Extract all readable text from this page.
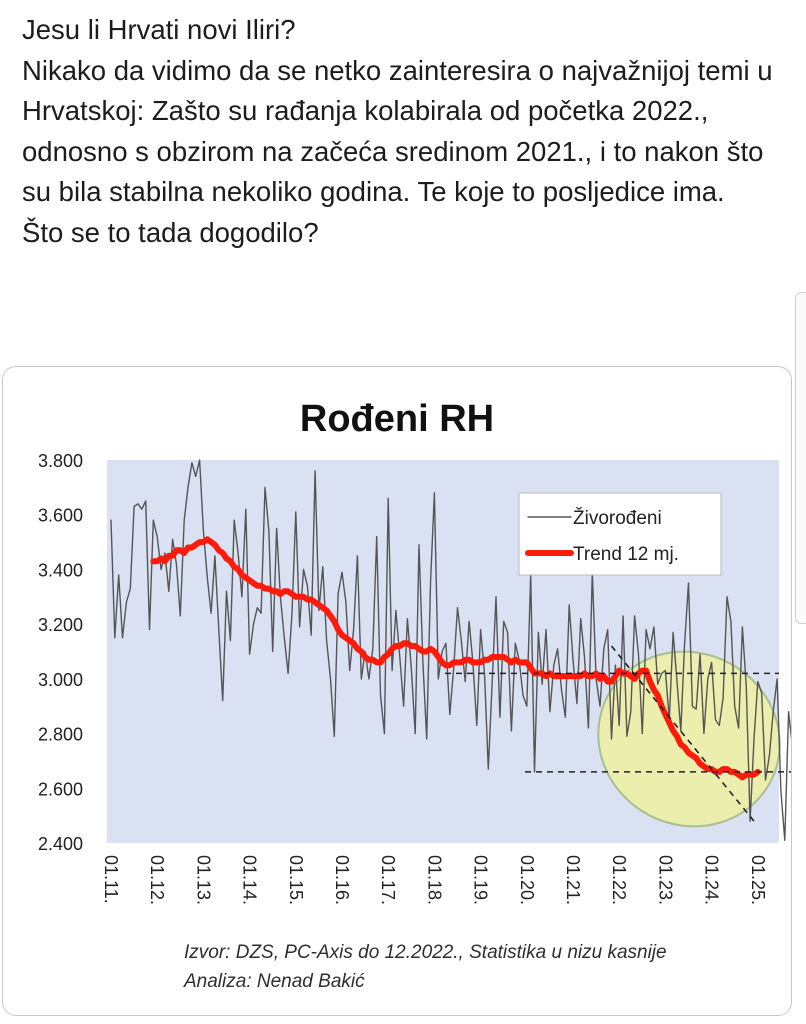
Jesu li Hrvati novi Iliri?

Nikako da vidimo da se netko zainteresira o najvažnijoj temi u Hrvatskoj: Zašto su rađanja kolabirala od početka 2022., odnosno s obzirom na začeća sredinom 2021., i to nakon što su bila stabilna nekoliko godina. Te koje to posljedice ima.

Što se to tada dogodilo?

Rođeni RH
3.800
3.600
3.400
3.200
3.000
2.800
2.600
2.400
01.11. 01.12. 01.13. 01.14. 01.15. 01.16. 01.17. 01.18. 01.19. 01.20. 01.21. 01.22. 01.23. 01.24. 01.25.
Živorođeni
Trend 12 mj.
Izvor: DZS, PC-Axis do 12.2022., Statistika u nizu kasnije
Analiza: Nenad Bakić
